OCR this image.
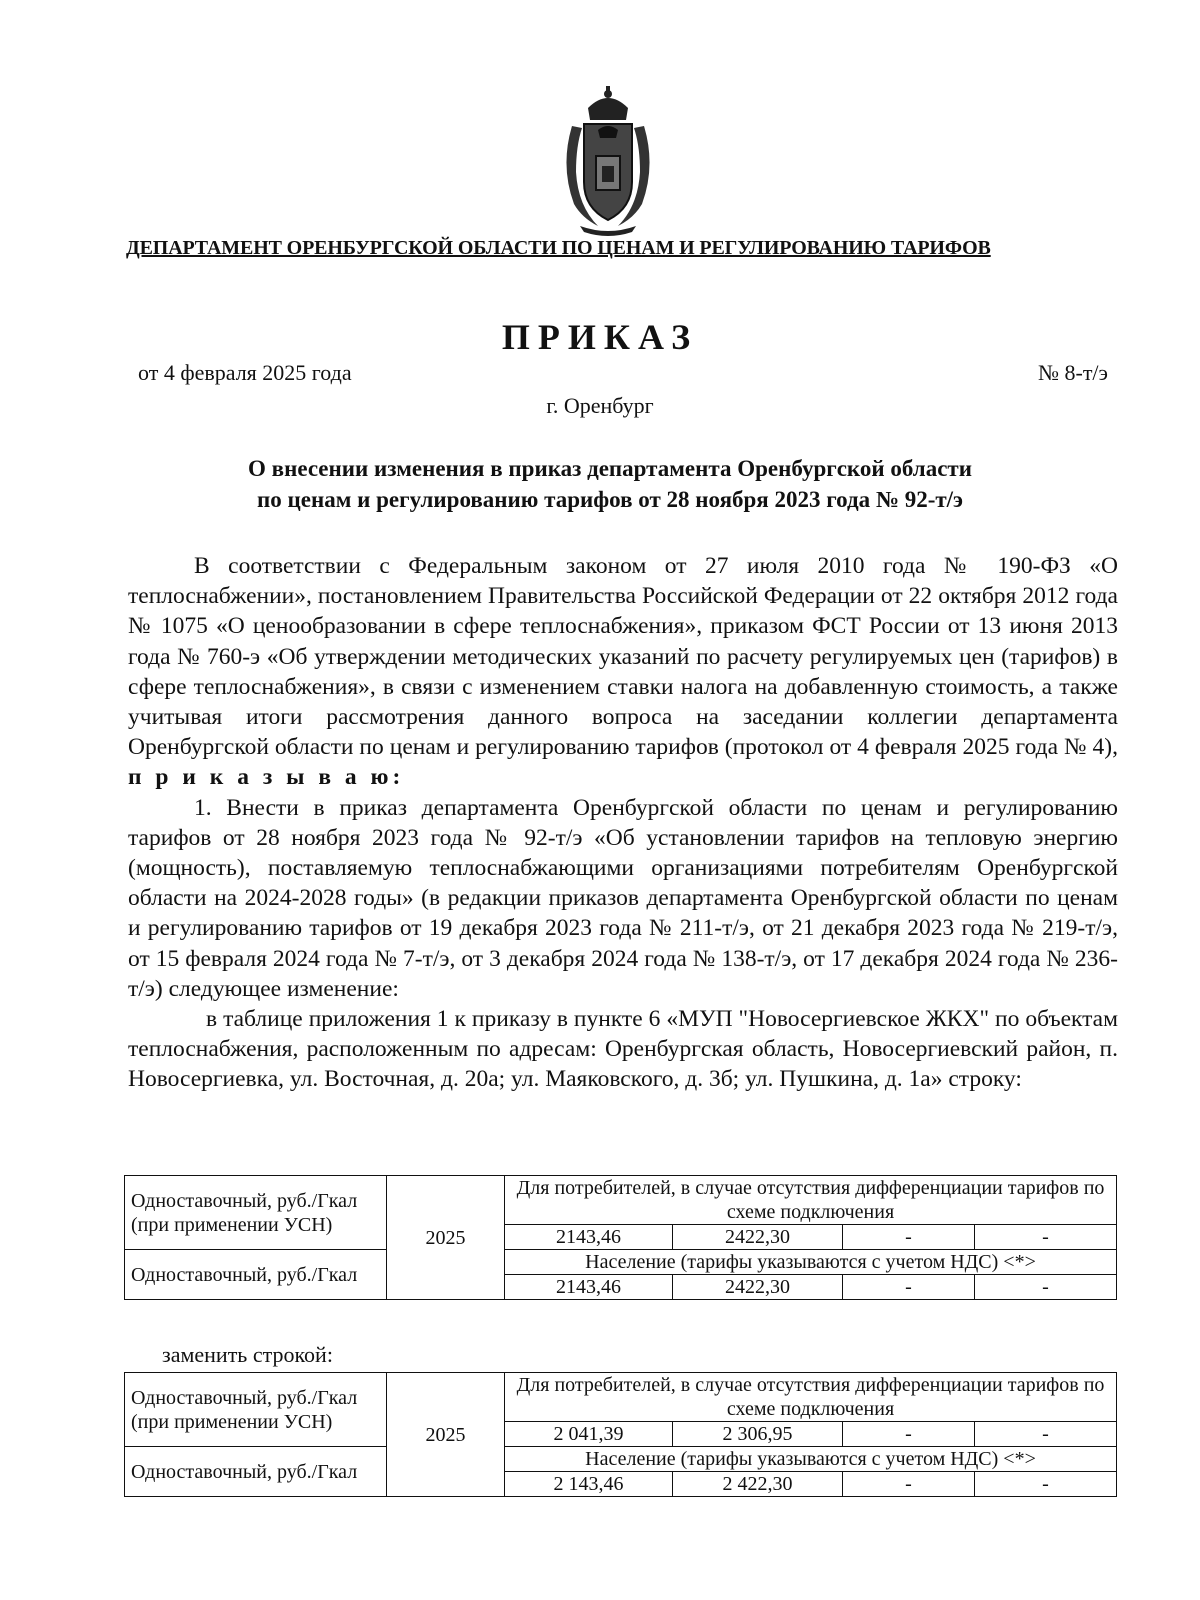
ДЕПАРТАМЕНТ ОРЕНБУРГСКОЙ ОБЛАСТИ ПО ЦЕНАМ И РЕГУЛИРОВАНИЮ ТАРИФОВ
ПРИКАЗ
от 4 февраля 2025 года	№ 8-т/э
г. Оренбург
О внесении изменения в приказ департамента Оренбургской области
по ценам и регулированию тарифов от 28 ноября 2023 года № 92-т/э

В соответствии с Федеральным законом от 27 июля 2010 года № 190-ФЗ «О теплоснабжении», постановлением Правительства Российской Федерации от 22 октября 2012 года № 1075 «О ценообразовании в сфере теплоснабжения», приказом ФСТ России от 13 июня 2013 года № 760-э «Об утверждении методических указаний по расчету регулируемых цен (тарифов) в сфере теплоснабжения», в связи с изменением ставки налога на добавленную стоимость, а также учитывая итоги рассмотрения данного вопроса на заседании коллегии департамента Оренбургской области по ценам и регулированию тарифов (протокол от 4 февраля 2025 года № 4), п р и к а з ы в а ю:

1. Внести в приказ департамента Оренбургской области по ценам и регулированию тарифов от 28 ноября 2023 года № 92-т/э «Об установлении тарифов на тепловую энергию (мощность), поставляемую теплоснабжающими организациями потребителям Оренбургской области на 2024-2028 годы» (в редакции приказов департамента Оренбургской области по ценам и регулированию тарифов от 19 декабря 2023 года № 211-т/э, от 21 декабря 2023 года № 219-т/э, от 15 февраля 2024 года № 7-т/э, от 3 декабря 2024 года № 138-т/э, от 17 декабря 2024 года № 236-т/э) следующее изменение:

в таблице приложения 1 к приказу в пункте 6 «МУП "Новосергиевское ЖКХ" по объектам теплоснабжения, расположенным по адресам: Оренбургская область, Новосергиевский район, п. Новосергиевка, ул. Восточная, д. 20а; ул. Маяковского, д. 3б; ул. Пушкина, д. 1а» строку:

Одноставочный, руб./Гкал (при применении УСН)	2025	Для потребителей, в случае отсутствия дифференциации тарифов по схеме подключения			
		2143,46	2422,30	-	-
Одноставочный, руб./Гкал		Население (тарифы указываются с учетом НДС) <*>			
		2143,46	2422,30	-	-
заменить строкой:
Одноставочный, руб./Гкал (при применении УСН)	2025	Для потребителей, в случае отсутствия дифференциации тарифов по схеме подключения			
		2 041,39	2 306,95	-	-
Одноставочный, руб./Гкал		Население (тарифы указываются с учетом НДС) <*>			
		2 143,46	2 422,30	-	-
